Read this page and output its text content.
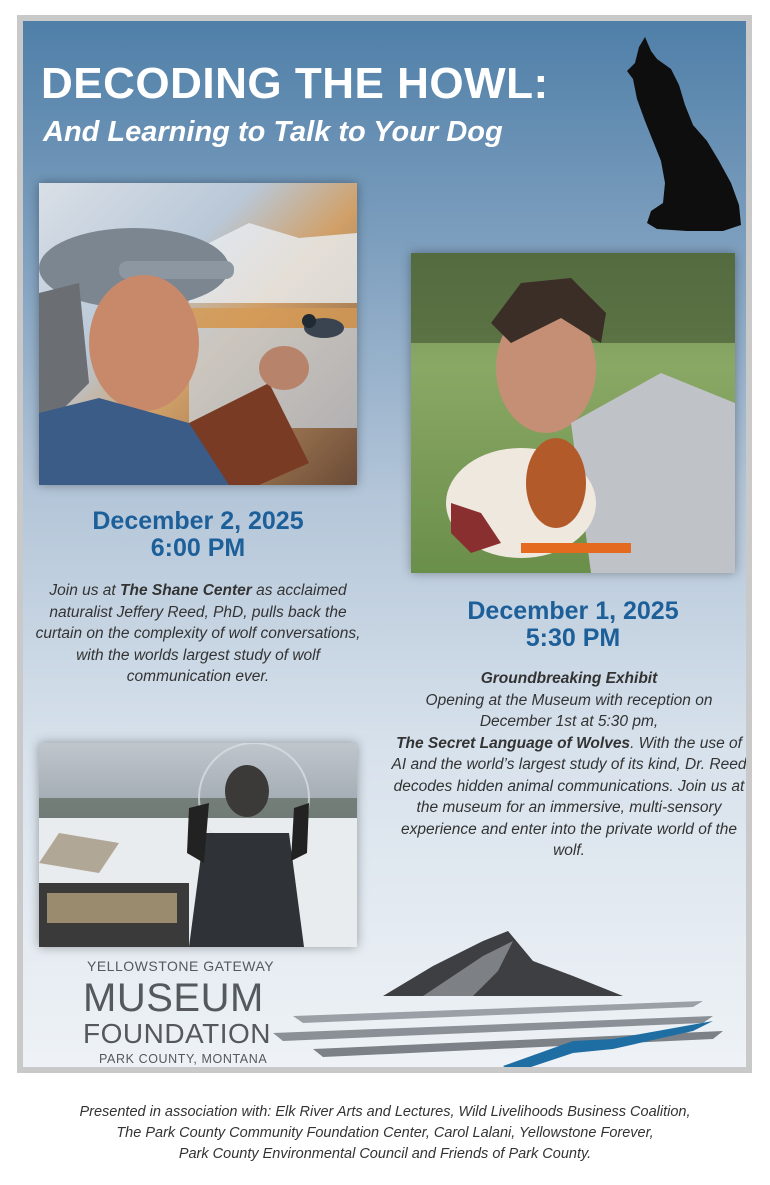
DECODING THE HOWL:
And Learning to Talk to Your Dog
December 2, 2025
6:00 PM
Join us at The Shane Center as acclaimed naturalist Jeffery Reed, PhD, pulls back the curtain on the complexity of wolf conversations, with the worlds largest study of wolf communication ever.
December 1, 2025
5:30 PM
Groundbreaking Exhibit
Opening at the Museum with reception on December 1st at 5:30 pm,
The Secret Language of Wolves. With the use of AI and the world’s largest study of its kind, Dr. Reed decodes hidden animal communications. Join us at the museum for an immersive, multi-sensory experience and enter into the private world of the wolf.
YELLOWSTONE GATEWAY
MUSEUM
FOUNDATION
PARK COUNTY, MONTANA
Presented in association with: Elk River Arts and Lectures, Wild Livelihoods Business Coalition,
The Park County Community Foundation Center, Carol Lalani, Yellowstone Forever,
Park County Environmental Council and Friends of Park County.
